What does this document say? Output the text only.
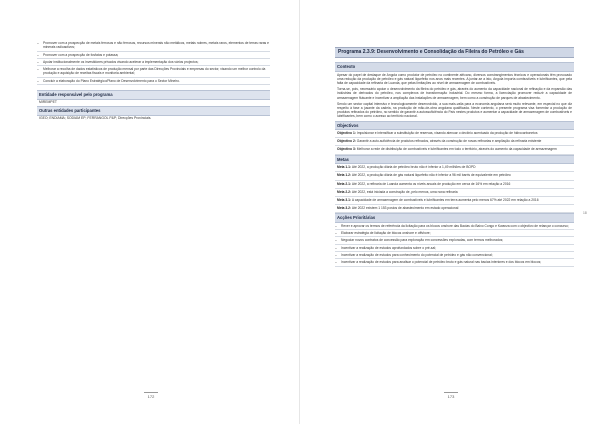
– Promover com a prospecção de metais ferrosos e não ferrosos, recursos minerais não metálicos, metais nobres, metais raros, elementos de terras raras e minerais radioactivos;
– Promover com a prospecção de fosfatos e potassa;
– Apoiar institucionalmente os investidores privados visando acelerar a implementação dos vários projectos;
– Melhorar a recolha de dados estatísticos de produção mensal por parte das Direcções Provinciais e empresas do sector, visando um melhor controlo da produção e aquisição de receitas fiscais e monitoria ambiental;
– Concluir a elaboração do Plano Estratégico/Plano de Desenvolvimento para o Sector Mineiro.
Entidade responsável pelo programa
MIREMPET
Outras entidades participantes
IGEO; ENDIAMA; SODIAM EP; FERRANGOL P&P; Direcções Provinciais.
172
Programa 2.3.9: Desenvolvimento e Consolidação da Fileira do Petróleo e Gás
Contexto

Apesar do papel de destaque de Angola como produtor de petróleo no continente africano, diversos constrangimentos técnicos e operacionais têm provocado uma redução da produção de petróleo e gás natural liquefeito nos anos mais recentes. A juntar-se a isto, Angola importa combustíveis e lubrificantes, que pela falta de capacidade da refinaria de Luanda, que pelas limitações ao nível de armazenagem de combustíveis.

Torna-se, pois, necessário apoiar o desenvolvimento da fileira do petróleo e gás, através do aumento da capacidade nacional de refinação e da expansão das indústrias de derivados do petróleo, nos complexos de transformação industrial. Do mesmo forma, a licenciação promover reduzir a capacidade de armazenagem flutuante e incentivar a ampliação das instalações de armazenagem, bem como a construção de parques de abastecimento.

Sendo um sector capital intensivo e tecnologicamente desenvolvido, a sua mais-valia para a economia angolana será muito relevante, em especial no que diz respeito à fase a jusante da cadeia, na produção de mão-de-obra angolana qualificada. Neste contexto, o presente programa visa fomentar a produção de produtos refinados do petróleo, no sentido de garantir a autossuficiência do País nestes produtos e aumentar a capacidade de armazenagem de combustíveis e lubrificantes, bem como o acesso ao território nacional.

Objectivos
Objectivo 1: Impulsionar e intensificar a substituição de reservas, visando atenuar o declínio acentuado da produção de hidrocarbonetos
Objectivo 2: Garantir a auto-suficiência de produtos refinados, através da construção de novas refinarias e ampliação da refinaria existente
Objectivo 3: Melhorar a rede de distribuição de combustíveis e lubrificantes em todo o território, através do aumento da capacidade de armazenagem
Metas
Meta 1.1: Até 2022, a produção diária de petróleo bruto não é inferior a 1,49 milhões de BOPD
Meta 1.2: Até 2022, a produção diária de gás natural liquefeito não é inferior a 96 mil barris de equivalente em petróleo
Meta 2.1: Até 2022, a refinaria de Luanda aumenta os níveis anuais de produção em cerca de 16% em relação a 2016
Meta 2.2: Até 2022, está iniciada a construção de, pelo menos, uma nova refinaria
Meta 3.1: A capacidade de armazenagem de combustíveis e lubrificantes em terra aumenta pelo menos 67% até 2022 em relação a 2016
Meta 3.2: Até 2022 existem 1 153 postos de abastecimento em estado operacional
Acções Prioritárias
– Rever e aprovar os termos de referência da licitação para os blocos onshore das Bacias do Baixo Congo e Kwanza com o objectivo de relançar o concurso;
– Elaborar estratégia de licitação de blocos onshore e offshore;
– Negociar novos contratos de concessão para exploração em concessões exploradas, com termos melhorados;
– Incentivar a realização de estudos aprofundados sobre o pré-sal;
– Incentivar a realização de estudos para conhecimento do potencial de petróleo e gás não convencional;
– Incentivar a realização de estudos para analisar o potencial de petróleo bruto e gás natural nas bacias interiores e dos blocos em blocos;
173
18
